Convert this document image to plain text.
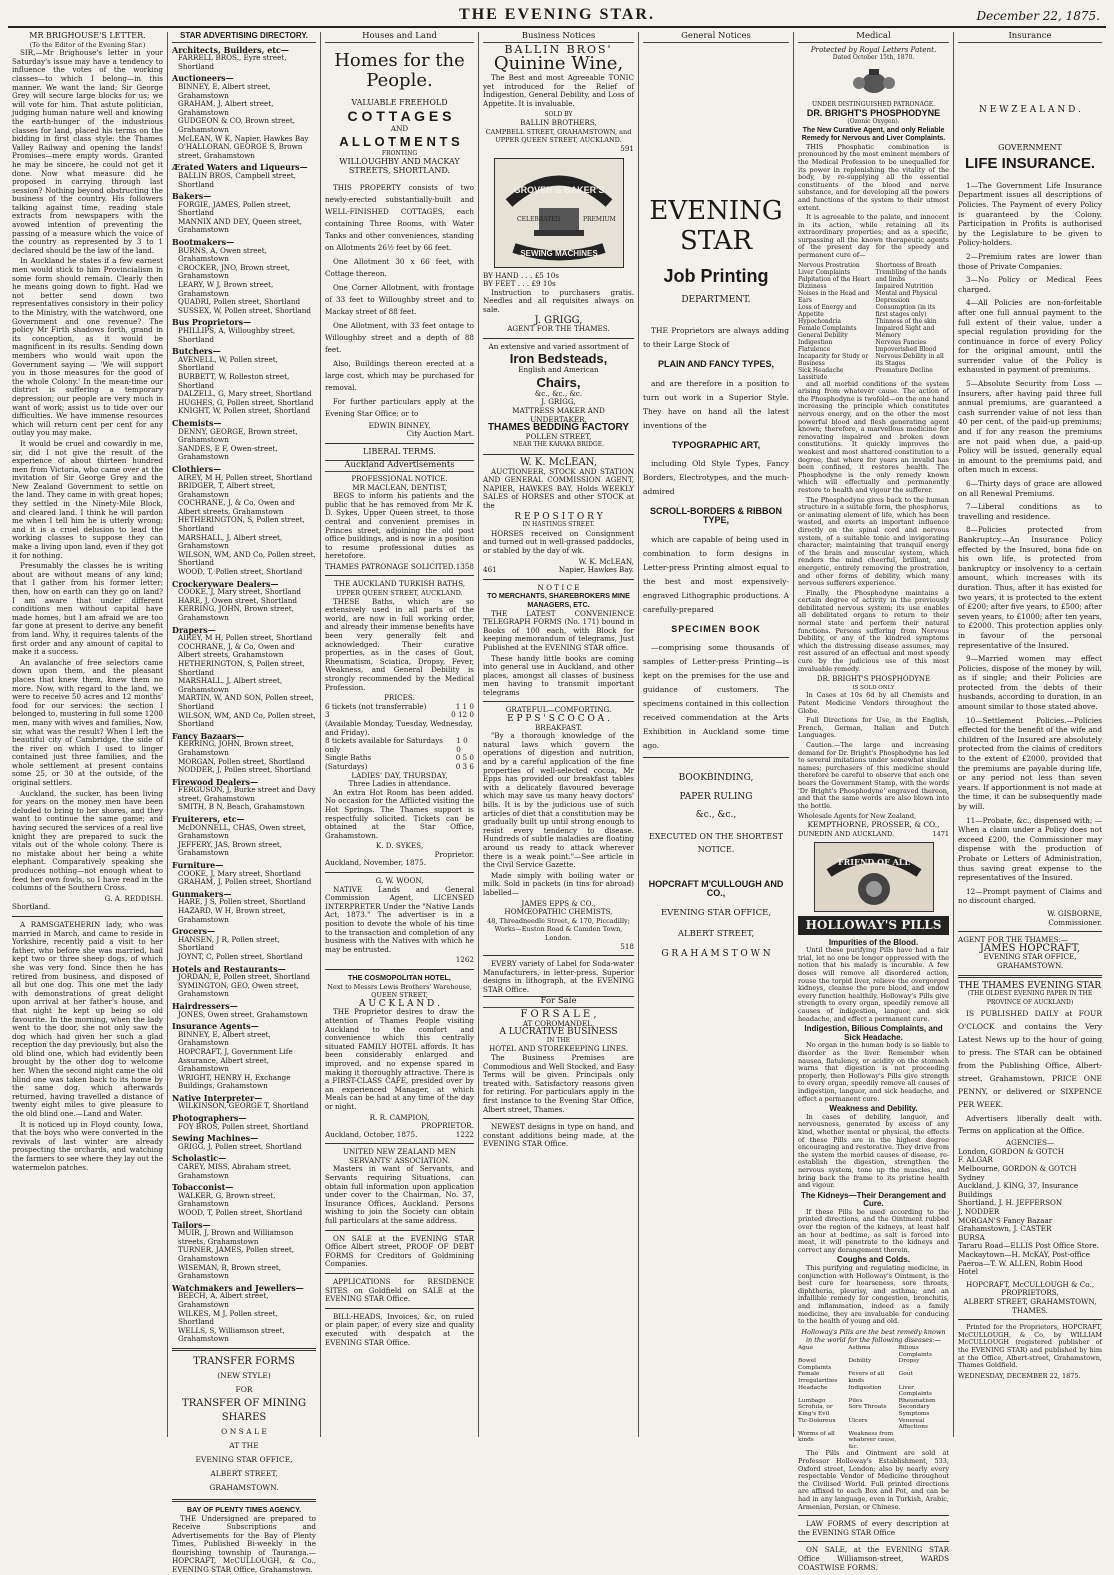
THE EVENING STAR.	December 22, 1875.
MR BRIGHOUSE'S LETTER.
(To the Editor of the Evening Star.)

SIR,—Mr Brighouse's letter in your Saturday's issue may have a tendency to influence the votes of the working classes—to which I belong—in this manner. We want the land; Sir George Grey will secure large blocks for us; we will vote for him. That astute politician, judging human nature well and knowing the earth-hunger of the industrious classes for land, placed his terms on the bidding in first class style: the Thames Valley Railway and opening the lands! Promises—mere empty words. Granted he may be sincere, he could not get it done. Now what measure did he proposed in carrying through last session? Nothing beyond obstructing the business of the country. His followers talking against time, reading stale extracts from newspapers with the avowed intention of preventing the passing of a measure which the voice of the country as represented by 3 to 1 declared should be the law of the land.

In Auckland he states if a few earnest men would stick to him Provincialism in some form should remain. Clearly then he means going down to fight. Had we not better send down two representatives consistory in their policy to the Ministry, with the watchword, one Government and one revenue? The policy Mr Firth shadows forth, grand in its conception, as it would be magnificent in its results. Sending down members who would wait upon the Government saying — 'We will support you in those measures for the good of the whole Colony.' In the mean-time our district is suffering a temporary depression; our people are very much in want of work; assist us to tide over our difficulties. We have immense resources which will return cent per cent for any outlay you may make.

It would be cruel and cowardly in me, sir, did I not give the result of the experience of about thirteen hundred men from Victoria, who came over at the invitation of Sir George Grey and the New Zealand Government to settle on the land. They came in with great hopes; they settled in the Ninety-Mile Block, and cleared land. I think he will pardon me when I tell him he is utterly wrong; and it is a cruel delusion to lead the working classes to suppose they can make a living upon land, even if they got it for nothing.

Presumably the classes he is writing about are without means of any kind; that I gather from his former letter; then, how on earth can they go on land? I am aware that under different conditions men without capital have made homes, but I am afraid we are too far gone at present to derive any benefit from land. Why, it requires talents of the first order and any amount of capital to make it a success.

An avalanche of free selectors came down upon them, and the pleasant places that knew them, knew them no more. Now, with regard to the land, we were to receive 50 acres and 12 months' food for our services: the section I belonged to, mustering in full some 1200 men, many with wives and families. Now, sir, what was the result? When I left the beautiful city of Cambridge, the side of the river on which I used to linger contained just three families, and the whole settlement at present contains some 25, or 30 at the outside, of the original settlers.

Auckland, the sucker, has been living for years on the money men have been deluded to bring to her shores, and they want to continue the same game; and having secured the services of a real live knight they are prepared to suck the vitals out of the whole colony. There is no mistake about her being a white elephant. Comparatively speaking she produces nothing—not enough wheat to feed her own fowls, so I have read in the columns of the Southern Cross.

G. A. REDDISH.
Shortland.

A RAMSGATEHERIN lady, who was married in March, and came to reside in Yorkshire, recently paid a visit to her father, who before she was married, had kept two or three sheep dogs, of which she was very fond. Since then he has retired from business, and disposed of all but one dog. This one met the lady with demonstrations of great delight upon arrival at her father's house, and that night he kept up being so old favourite. In the morning, when the lady went to the door, she not only saw the dog which had given her such a glad reception the day previously, but also the old blind one, which had evidently been brought by the other dog to welcome her. When the second night came the old blind one was taken back to its home by the same dog, which afterwards returned, having travelled a distance of twenty eight miles to give pleasure to the old blind one.—Land and Water.

It is noticed up in Floyd county, Iowa, that the boys who were converted in the revivals of last winter are already prospecting the orchards, and watching the farmers to see where they lay out the watermelon patches.

STAR ADVERTISING DIRECTORY.
Architects, Builders, etc—
FARRELL BROS., Eyre street, Shortland
Auctioneers—
BINNEY, E, Albert street, Grahamstown
GRAHAM, J, Albert street, Grahamstown
GUDGEON & CO, Brown street, Grahamstown
McLEAN, W K, Napier, Hawkes Bay
O'HALLORAN, GEORGE S, Brown street, Grahamstown
Ærated Waters and Liqueurs—
BALLIN BROS, Campbell street, Shortland
Bakers—
FORGIE, JAMES, Pollen street, Shortland
MANNIX AND DEY, Queen street, Grahamstown
Bootmakers—
BURNS, A, Owen street, Grahamstown
CROCKER, JNO, Brown street, Grahamstown
LEARY, W J, Brown street, Grahamstown
QUADRI, Pollen street, Shortland
SUSSEX, W, Pollen street, Shortland
Bus Proprietors—
PHILLIPS, A, Willoughby street, Shortland
Butchers—
AVENELL, W, Pollen street, Shortland
BURBETT, W, Rolleston street, Shortland
DALZELL, G, Mary street, Shortland
HUGHES, G, Pollen street, Shortland
KNIGHT, W, Pollen street, Shortland
Chemists—
DENNY, GEORGE, Brown street, Grahamstown
SANDES, E F, Owen-street, Grahamstown
Clothiers—
AIREY, M H, Pollen street, Shortland
BRIDGER, T, Albert street, Grahamstown
COCHRANE, J, & Co, Owen and Albert streets, Grahamstown
HETHERINGTON, S, Pollen street, Shortland
MARSHALL, J, Albert street, Grahamstown
WILSON, WM, AND Co, Pollen street, Shortland
WOOD, T, Pollen street, Shortland
Crockeryware Dealers—
COOKE, J, Mary street, Shortland
HARE, J, Owen street, Shortland
KERRING, JOHN, Brown street, Grahamstown
Drapers—
AIREY, M H, Pollen street, Shortland
COCHRANE, J, & Co, Owen and Albert streets, Grahamstown
HETHERINGTON, S, Pollen street, Shortland
MARSHALL, J, Albert street, Grahamstown
MARTIN, W, AND SON, Pollen street, Shortland
WILSON, WM, AND Co, Pollen street, Shortland
Fancy Bazaars—
KERRING, JOHN, Brown street, Grahamstown
MORGAN, Pollen street, Shortland
NODDER, J, Pollen street, Shortland
Firewood Dealers—
FERGUSON, J, Burke street and Davy street, Grahamstown
SMITH, B N, Beach, Grahamstown
Fruiterers, etc—
McDONNELL, CHAS, Owen street, Grahamstown
JEFFERY, JAS, Brown street, Grahamstown
Furniture—
COOKE, J, Mary street, Shortland
GRAHAM, J, Pollen street, Shortland
Gunmakers—
HARE, J S, Pollen street, Shortland
HAZARD, W H, Brown street, Grahamstown
Grocers—
HANSEN, J R, Pollen street, Shortland
JOYNT, C, Pollen street, Shortland
Hotels and Restaurants—
JORDAN, E, Pollen street, Shortland
SYMINGTON, GEO, Owen street, Grahamstown
Hairdressers—
JONES, Owen street, Grahamstown
Insurance Agents—
BINNEY, E, Albert street, Grahamstown
HOPCRAFT, J, Government Life Assurance, Albert street, Grahamstown
WRIGHT, HENRY H, Exchange Buildings, Grahamstown
Native Interpreter—
WILKINSON, GEORGE T, Shortland
Photographers—
FOY BROS, Pollen street, Shortland
Sewing Machines—
GRIGG, J, Pollen street, Shortland
Scholastic—
CAREY, MISS, Abraham street, Grahamstown
Tobacconist—
WALKER, G, Brown street, Grahamstown
WOOD, T, Pollen street, Shortland
Tailors—
MUIR, J, Brown and Williamson streets, Grahamstown
TURNER, JAMES, Pollen street, Grahamstown
WISEMAN, B, Brown street, Grahamstown
Watchmakers and Jewellers—
BEECH, A, Albert street, Grahamstown
WILKES, M J, Pollen street, Shortland
WELLS, S, Williamson street, Grahamstown
TRANSFER FORMS
(NEW STYLE)
FOR
TRANSFER OF MINING
SHARES
O N S A L E
AT THE
EVENING STAR OFFICE,
ALBERT STREET,
GRAHAMSTOWN.
BAY OF PLENTY TIMES AGENCY.

THE Undersigned are prepared to Receive Subscriptions and Advertisements for the Bay of Plenty Times, Published Bi-weekly in the flourishing township of Tauranga.— HOPCRAFT, McCULLOUGH, & Co., EVENING STAR Office, Grahamstown.

Houses and Land
Homes for the People.
VALUABLE FREEHOLD
C O T T A G E S
AND
A L L O T M E N T S
FRONTING
WILLOUGHBY AND MACKAY STREETS, SHORTLAND.

THIS PROPERTY consists of two newly-erected substantially-built and WELL-FINISHED COTTAGES, each containing Three Rooms, with Water Tanks and other conveniences, standing on Allotments 26½ feet by 66 feet.

One Allotment 30 x 66 feet, with Cottage thereon.

One Corner Allotment, with frontage of 33 feet to Willoughby street and to Mackay street of 88 feet.

One Allotment, with 33 feet ontage to Willoughby street and a depth of 88 feet.

Also, Buildings thereon erected at a large cost, which may be purchased for removal.

For further particulars apply at the Evening Star Office; or to

EDWIN BINNEY,
City Auction Mart.
LIBERAL TERMS.
Auckland Advertisements
PROFESSIONAL NOTICE.
MR MACLEAN, DENTIST,

BEGS to inform his patients and the public that he has removed from Mr K. D. Sykes, Upper Queen street, to those central and convenient premises in Princes street, adjoining the old post office buildings, and is now in a position to resume professional duties as heretofore.

THAMES PATRONAGE SOLICITED. 1358
THE AUCKLAND TURKISH BATHS,
UPPER QUEEN STREET, AUCKLAND.

THESE Baths, which are so extensively used in all parts of the world, are now in full working order, and already their immense benefits have been very generally felt and acknowledged. Their curative properties, as in the cases of Gout, Rheumatism, Sciatica, Dropsy, Fever, Weakness, and General Debility is strongly recommended by the Medical Profession.

PRICES.
6 tickets (not transferrable)	1 1 0
3	0 12 0
(Available Monday, Tuesday, Wednesday, and Friday).
8 tickets available for Saturdays only
1 0 0
Single Baths	0 5 0
(Saturdays)	0 3 6
LADIES' DAY, THURSDAY,
Three Ladies in attendance.

An extra Hot Room has been added. No occasion for the Afflicted visiting the Hot Springs. The Thames support is respectfully solicited. Tickets can be obtained at the Star Office, Grahamstown.

K. D. SYKES,
Proprietor.
Auckland, November, 1875.
G. W. WOON,

NATIVE Lands and General Commission Agent, LICENSED INTERPRETER Under the "Native Lands Act, 1873." The advertiser is in a position to devote the whole of his time to the transaction and completion of any business with the Natives with which he may be entrusted.

1262
THE COSMOPOLITAN HOTEL,
Next to Messrs Lewis Brothers' Warehouse, QUEEN STREET,
A U C K L A N D .

THE Proprietor desires to draw the attention of Thames People visiting Auckland to the comfort and convenience which this centrally situated FAMILY HOTEL affords. It has been considerably enlarged and improved, and no expense spared in making it thoroughly attractive. There is a FIRST-CLASS CAFE, presided over by an experienced Manager, at which Meals can be had at any time of the day or night.

R. R. CAMPION,
PROPRIETOR.
Auckland, October, 1875.	1222
UNITED NEW ZEALAND MEN SERVANTS' ASSOCIATION.

Masters in want of Servants, and Servants requiring Situations, can obtain full information upon application under cover to the Chairman, No. 37, Insurance Offices, Auckland. Persons wishing to join the Society can obtain full particulars at the same address.

ON SALE at the EVENING STAR Office Albert street, PROOF OF DEBT FORMS for Creditors of Goldmining Companies.

APPLICATIONS for RESIDENCE SITES on Goldfield on SALE at the EVENING STAR Office.

BILL-HEADS, Invoices, &c, on ruled or plain paper, of every size and quality executed with despatch at the EVENING STAR Office.

Business Notices
BALLIN BROS'
Quinine Wine,

The Best and most Agreeable TONIC yet introduced for the Relief of Indigestion, General Debility, and Loss of Appetite. It is invaluable.

SOLD BY
BALLIN BROTHERS,
CAMPBELL STREET, GRAHAMSTOWN, and UPPER QUEEN STREET, AUCKLAND.
591
GROVER & BAKER'S
SEWING MACHINES
CELEBRATED	PREMIUM
BY HAND . . . £5 10s
BY FEET . . . £9 10s

Instruction to purchasers gratis. Needles and all requisites always on sale.

J. GRIGG,
AGENT FOR THE THAMES.
An extensive and varied assortment of
Iron Bedsteads,
English and American
Chairs,
&c., &c., &c.
J. GRIGG,
MATTRESS MAKER AND UNDERTAKER,
THAMES BEDDING FACTORY
POLLEN STREET,
NEAR THE KARAKA BRIDGE.
W. K. McLEAN,

AUCTIONEER, STOCK AND STATION AND GENERAL COMMISSION AGENT, NAPIER, HAWKES BAY, Holds WEEKLY SALES of HORSES and other STOCK at the

R E P O S I T O R Y
IN HASTINGS STREET.

HORSES received on Consignment and turned out in well-grassed paddocks, or stabled by the day of wk.

W. K. McLEAN,
461	Napier, Hawkes Bay.
N O T I C E
TO MERCHANTS, SHAREBROKERS MINE MANAGERS, ETC.

THE LATEST CONVENIENCE TELEGRAPH FORMS (No. 171) bound in Books of 100 each, with Block for keeping memorandum of telegrams, Just Published at the EVENING STAR office.

These handy little books are coming into general use in Auckland, and other places, amongst all classes of business men having to transmit important telegrams

GRATEFUL—COMFORTING.
E P P S ' S C O C O A .
BREAKFAST.

"By a thorough knowledge of the natural laws which govern the operations of digestion and nutrition, and by a careful application of the fine properties of well-selected cocoa, Mr Epps has provided our breakfast tables with a delicately flavoured beverage which may save us many heavy doctors' bills. It is by the judicious use of such articles of diet that a constitution may be gradually built up until strong enough to resist every tendency to disease. Hundreds of subtle maladies are floating around us ready to attack wherever there is a weak point."—See article in the Civil Service Gazette.

Made simply with boiling water or milk. Sold in packets (in tins for abroad) labelled—

JAMES EPPS & CO.,
HOMŒOPATHIC CHEMISTS,
48, Threadneedle Street, & 170, Piccadilly; Works—Euston Road & Camden Town, London.
518

EVERY variety of Label for Soda-water Manufacturers, in letter-press. Superior designs in lithograph, at the EVENING STAR Office.

For Sale
F O R S A L E ,
AT COROMANDEL,
A LUCRATIVE BUSINESS
IN THE
HOTEL AND STOREKEEPING LINES.

The Business Premises are Commodious and Well Stocked, and Easy Terms will be given. Principals only treated with. Satisfactory reasons given for retiring. For particulars apply in the first instance to the Evening Star Office, Albert street, Thames.

NEWEST designs in type on hand, and constant additions being made, at the EVENING STAR Office.

General Notices
EVENING STAR
Job Printing
DEPARTMENT.

THE Proprietors are always adding to their Large Stock of

PLAIN AND FANCY TYPES,

and are therefore in a position to turn out work in a Superior Style. They have on hand all the latest inventions of the

TYPOGRAPHIC ART,

including Old Style Types, Fancy Borders, Electrotypes, and the much-admired

SCROLL-BORDERS & RIBBON TYPE,

which are capable of being used in combination to form designs in Letter-press Printing almost equal to the best and most expensively-engraved Lithographic productions. A carefully-prepared

SPECIMEN BOOK

—comprising some thousands of samples of Letter-press Printing—is kept on the premises for the use and guidance of customers. The specimens contained in this collection received commendation at the Arts Exhibition in Auckland some time ago.

BOOKBINDING,
PAPER RULING
&c., &c.,
EXECUTED ON THE SHORTEST NOTICE.
HOPCRAFT M'CULLOUGH AND CO.,
EVENING STAR OFFICE,
ALBERT STREET,
G R A H A M S T O W N
Medical
Protected by Royal Letters Patent.
Dated October 15th, 1870.
UNDER DISTINGUISHED PATRONAGE.
DR. BRIGHT'S PHOSPHODYNE
(Ozonic Oxygen).
The New Curative Agent, and only Reliable Remedy for Nervous and Liver Complaints.

THIS Phosphatic combination is pronounced by the most eminent members of the Medical Profession to be unequalled for its power in replenishing the vitality of the body, by re-supplying all the essential constituents of the blood and nerve substance, and for developing all the powers and functions of the system to their utmost extent.

It is agreeable to the palate, and innocent in its action, while retaining all its extraordinary properties; and as a specific, surpassing all the known therapeutic agents of the present day for the speedy and permanent cure of—

Nervous Prostration
Liver Complaints
Palpitation of the Heart
Dizziness
Noises in the Head and Ears
Loss of Energy and Appetite
Hypochondria
Female Complaints
General Debility
Indigestion
Flatulence
Incapacity for Study or Business
Sick Headache
Lassitude
Shortness of Breath
Trembling of the hands and limbs
Impaired Nutrition
Mental and Physical Depression
Consumption (in its first stages only)
Thinness of the skin
Impaired Sight and Memory
Nervous Fancies
Impoverished Blood
Nervous Debility in all its Stages
Premature Decline

and all morbid conditions of the system arising from whatever cause. The action of the Phosphodyne is twofold—on the one hand increasing the principle which constitutes nervous energy, and on the other the most powerful blood and flesh generating agent known; therefore, a marvellous medicine for renovating impaired and broken down constitutions. It quickly improves the weakest and most shattered constitution to a degree, that where for years an invalid has been confined, it restores health. The Phosphodyne is the only remedy known which will effectually and permanently restore to health and vigour the sufferer.

The Phosphodyne gives back to the human structure in a suitable form, the phosphorus, or animating element of life, which has been wasted, and exerts an important influence directly on the spinal cord and nervous system, of a suitable tonic and invigorating character; maintaining that tranquil energy of the brain and muscular system, which renders the mind cheerful, brilliant, and energetic, entirely removing the prostration, and other forms of debility, which many nervous sufferers experience.

Finally, the Phosphodyne maintains a certain degree of activity in the previously debilitated nervous system; its use enables all debilitated organs to return to their normal state and perform their natural functions. Persons suffering from Nervous Debility, or any of the kindred symptoms which the distressing disease assumes, may rest assured of an effectual and most speedy cure by the judicious use of this most invaluable remedy.

DR. BRIGHT'S PHOSPHODYNE
IS SOLD ONLY

In Cases at 10s 6d by all Chemists and Patent Medicine Vendors throughout the Globe.

Full Directions for Use, in the English, French, German, Italian and Dutch Languages.

Caution.—The large and increasing demand for Dr. Bright's Phosphodyne has led to several imitations under somewhat similar names; purchasers of this medicine should therefore be careful to observe that each one bears the Government Stamp, with the words 'Dr Bright's Phosphodyne' engraved thereon, and that the same words are also blown into the bottle.

Wholesale Agents for New Zealand,
KEMPTHORNE, PROSSER, & CO.,
DUNEDIN AND AUCKLAND.	1471
FRIEND OF ALL
HOLLOWAY'S PILLS
Impurities of the Blood.

Until these purifying Pills have had a fair trial, let no one be longer oppressed with the notion that his malady is incurable. A few doses will remove all disordered action, rouse the torpid liver, relieve the overgorged kidneys, cleanse the pure blood, and endow every function healthily. Holloway's Pills give strength to every organ, speedily remove all causes of indigestion, languor, and sick headache, and effect a permanent cure.

Indigestion, Bilious Complaints, and Sick Headache.

No organ in the human body is so liable to disorder as the liver. Remember when nausea, flatulency, or acidity on the stomach warns that digestion is not proceeding properly, then Holloway's Pills give strength to every organ, speedily remove all causes of indigestion, languor, and sick headache, and effect a permanent cure.

Weakness and Debility.

In cases of debility, languor, and nervousness, generated by excess of any kind, whether mental or physical, the effects of these Pills are in the highest degree encouraging and restorative. They drive from the system the morbid causes of disease, re-establish the digestion, strengthen the nervous system, tone up the muscles, and bring back the frame to its pristine health and vigour.

The Kidneys—Their Derangement and Cure.

If these Pills be used according to the printed directions, and the Ointment rubbed over the region of the kidneys, at least half an hour at bedtime, as salt is forced into meat, it will penetrate to the kidneys and correct any derangement therein.

Coughs and Colds.

This purifying and regulating medicine, in conjunction with Holloway's Ointment, is the best cure for hoarseness, sore throats, diphtheria, pleurisy, and asthma; and an infallible remedy for congestion, bronchitis, and inflammation, indeed as a family medicine, they are invaluable for conducing to the health of young and old.

Holloway's Pills are the best remedy known in the world for the following diseases:—
Ague	Asthma	Bilious Complaints
Bowel Complaints
Debility	Dropsy
Female Irregularities
Fevers of all kinds
Gout
Headache	Indigestion	Liver Complaints
Lumbago	Piles	Rheumatism
Scrofula, or King's Evil
Sore Throats	Secondary Symptoms
Tic-Doloreux	Ulcers	Venereal Affections
Worms of all kinds
Weakness from whatever cause, &c.

The Pills and Ointment are sold at Professor Holloway's Establishment, 533, Oxford street, London; also by nearly every respectable Vendor of Medicine throughout the Civilised World. Full printed directions are affixed to each Box and Pot, and can be had in any language, even in Turkish, Arabic, Armenian, Persian, or Chinese.

LAW FORMS of every description at the EVENING STAR Office

ON SALE, at the EVENING STAR Office Williamson-street, WARDS COASTWISE FORMS.

Insurance
N E W Z E A L A N D .
GOVERNMENT
LIFE INSURANCE.

1—The Government Life Insurance Department issues all descriptions of Policies. The Payment of every Policy is guaranteed by the Colony. Participation in Profits is authorised by the Legislature to be given to Policy-holders.

2—Premium rates are lower than those of Private Companies.

3—No Policy or Medical Fees charged.

4—All Policies are non-forfeitable after one full annual payment to the full extent of their value, under a special regulation providing for the continuance in force of every Policy for the original amount, until the surrender value of the Policy is exhausted in payment of premiums.

5—Absolute Security from Loss — Insurers, after having paid three full annual premiums, are guaranteed a cash surrender value of not less than 40 per cent. of the paid-up premiums; and if for any reason the premiums are not paid when due, a paid-up Policy will be issued, generally equal in amount to the premiums paid, and often much in excess.

6—Thirty days of grace are allowed on all Renewal Premiums.

7—Liberal conditions as to travelling and residence.

8—Policies protected from Bankruptcy.—An Insurance Policy effected by the Insured, bona fide on his own life, is protected from bankruptcy or insolvency to a certain amount, which increases with its duration. Thus, after it has existed for two years, it is protected to the extent of £200; after five years, to £500; after seven years, to £1000; after ten years, to £2000. This protection applies only in favour of the personal representative of the Insured.

9—Married women may effect Policies, dispose of the money by will, as if single; and their Policies are protected from the debts of their husbands, according to duration, in an amount similar to those stated above.

10—Settlement Policies.—Policies effected for the benefit of the wife and children of the Insured are absolutely protected from the claims of creditors to the extent of £2000, provided that the premiums are payable during life, or any period not less than seven years. If apportionment is not made at the time, it can be subsequently made by will.

11—Probate, &c., dispensed with; —When a claim under a Policy does not exceed £200, the Commissioner may dispense with the production of Probate or Letters of Administration, thus saving great expense to the representatives of the Insured.

12—Prompt payment of Claims and no discount charged.

W. GISBORNE,
Commissioner.
AGENT FOR THE THAMES:—
JAMES HOPCRAFT,
EVENING STAR OFFICE,
GRAHAMSTOWN.
THE THAMES EVENING STAR
(THE OLDEST EVENING PAPER IN THE PROVINCE OF AUCKLAND)

IS PUBLISHED DAILY at FOUR O'CLOCK and contains the Very Latest News up to the hour of going to press. The STAR can be obtained from the Publishing Office, Albert-street, Grahamstown, PRICE ONE PENNY, or delivered or SIXPENCE PER WEEK.

Advertisers liberally dealt with. Terms on application at the Office.

AGENCIES—
London, GORDON & GOTCH
F. ALGAR
Melbourne, GORDON & GOTCH
Sydney
Auckland, J. KING, 37, Insurance Buildings
Shortland, J. H. JEFFERSON
J. NODDER
MORGAN'S Fancy Bazaar
Grahamstown, J. CASTER
BURSA
Tararu Road—ELLIS Post Office Store.
Mackaytown—H. McKAY, Post-office
Paeroa—T. W. ALLEN, Robin Hood Hotel
HOPCRAFT, McCULLOUGH & Co.,
PROPRIETORS,
ALBERT STREET, GRAHAMSTOWN, THAMES.

Printed for the Proprietors, HOPCRAFT, McCULLOUGH, & Co, by WILLIAM McCULLOUGH (registered publisher of the EVENING STAR) and published by him at the Office, Albert-street, Grahamstown, Thames Goldfield.

WEDNESDAY, DECEMBER 22, 1875.
